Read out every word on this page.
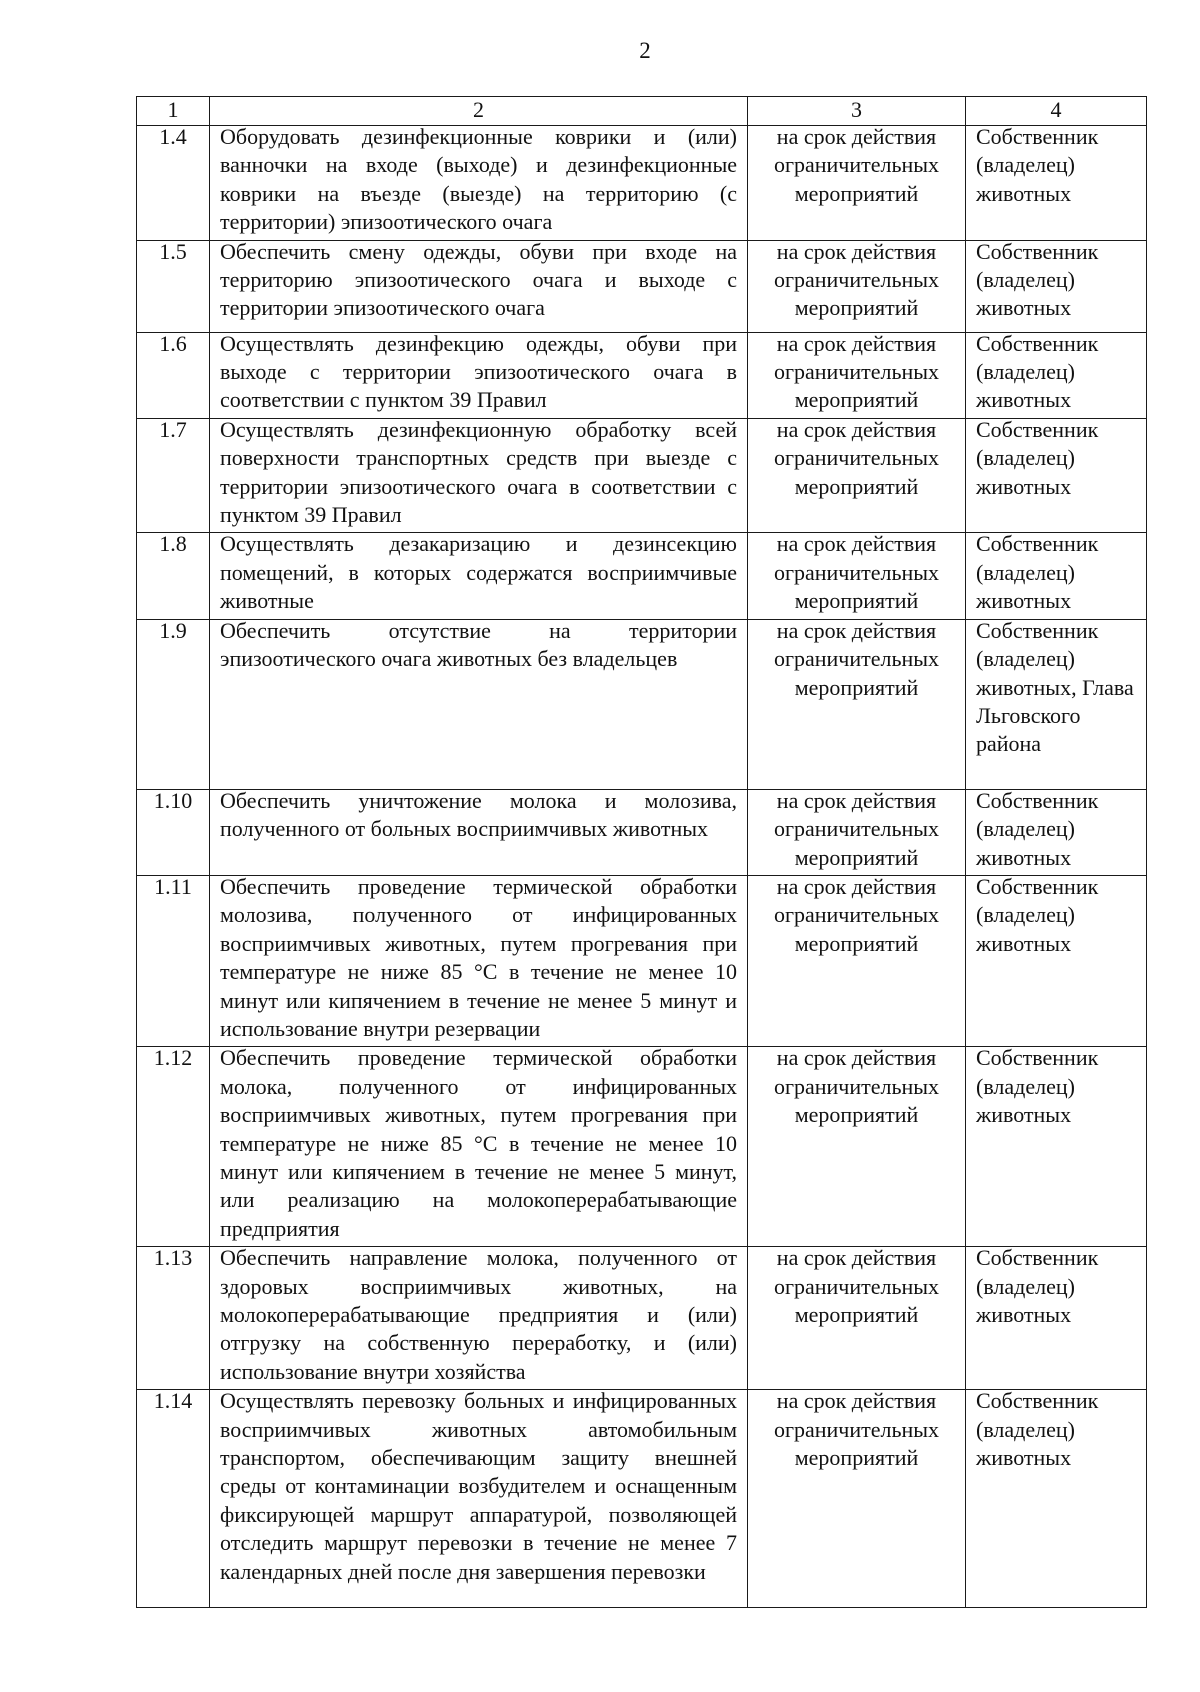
2
1	2	3	4
1.4	Оборудовать дезинфекционные коврики и (или) ванночки на входе (выходе) и дезинфекционные коврики на въезде (выезде) на территорию (с территории) эпизоотического очага	на срок действия ограничительных мероприятий	Собственник (владелец) животных
1.5	Обеспечить смену одежды, обуви при входе на территорию эпизоотического очага и выходе с территории эпизоотического очага	на срок действия ограничительных мероприятий	Собственник (владелец) животных
1.6	Осуществлять дезинфекцию одежды, обуви при выходе с территории эпизоотического очага в соответствии с пунктом 39 Правил	на срок действия ограничительных мероприятий	Собственник (владелец) животных
1.7	Осуществлять дезинфекционную обработку всей поверхности транспортных средств при выезде с территории эпизоотического очага в соответствии с пунктом 39 Правил	на срок действия ограничительных мероприятий	Собственник (владелец) животных
1.8	Осуществлять дезакаризацию и дезинсекцию помещений, в которых содержатся восприимчивые животные	на срок действия ограничительных мероприятий	Собственник (владелец) животных
1.9	Обеспечить отсутствие на территории эпизоотического очага животных без владельцев	на срок действия ограничительных мероприятий	Собственник (владелец) животных, Глава Льговского района
1.10	Обеспечить уничтожение молока и молозива, полученного от больных восприимчивых животных	на срок действия ограничительных мероприятий	Собственник (владелец) животных
1.11	Обеспечить проведение термической обработки молозива, полученного от инфицированных восприимчивых животных, путем прогревания при температуре не ниже 85 °С в течение не менее 10 минут или кипячением в течение не менее 5 минут и использование внутри резервации	на срок действия ограничительных мероприятий	Собственник (владелец) животных
1.12	Обеспечить проведение термической обработки молока, полученного от инфицированных восприимчивых животных, путем прогревания при температуре не ниже 85 °С в течение не менее 10 минут или кипячением в течение не менее 5 минут, или реализацию на молокоперерабатывающие предприятия	на срок действия ограничительных мероприятий	Собственник (владелец) животных
1.13	Обеспечить направление молока, полученного от здоровых восприимчивых животных, на молокоперерабатывающие предприятия и (или) отгрузку на собственную переработку, и (или) использование внутри хозяйства	на срок действия ограничительных мероприятий	Собственник (владелец) животных
1.14	Осуществлять перевозку больных и инфицированных восприимчивых животных автомобильным транспортом, обеспечивающим защиту внешней среды от контаминации возбудителем и оснащенным фиксирующей маршрут аппаратурой, позволяющей отследить маршрут перевозки в течение не менее 7 календарных дней после дня завершения перевозки	на срок действия ограничительных мероприятий	Собственник (владелец) животных
